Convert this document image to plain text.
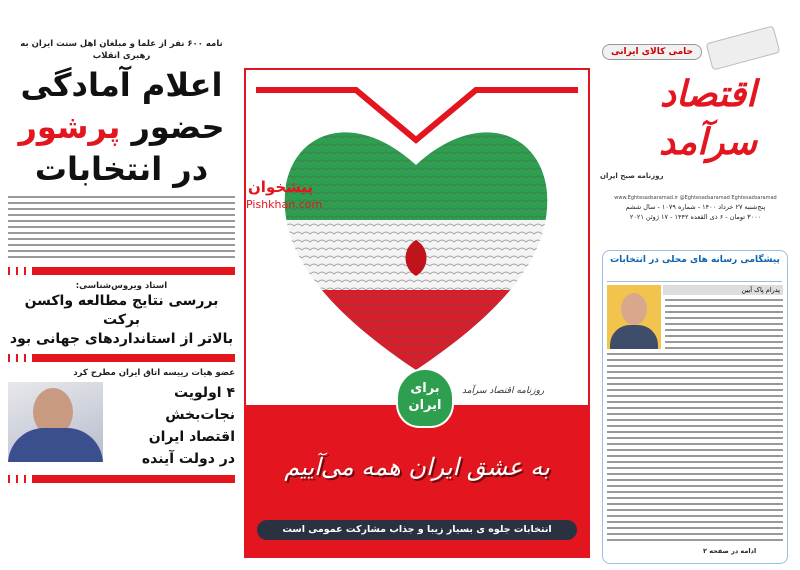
نامه ۶۰۰ نفر از علما و مبلغان اهل سنت ایران به رهبری انقلاب
اعلام آمادگی
حضور پرشور
در انتخابات
استاد ویروس‌شناسی:
بررسی نتایج مطالعه واکسن برکت
بالاتر از استانداردهای جهانی بود
عضو هیات رییسه اتاق ایران مطرح کرد
۴ اولویت نجات‌بخش
اقتصاد ایران
در دولت آینده
پیشخوان
Pishkhan.com
روزنامه اقتصاد سرآمد
برای
ایران
به عشق ایران همه می‌آییم
انتخابات جلوه ی بسیار زیبا و جذاب مشارکت عمومی است
حامی کالای ایرانی
اقتصاد سرآمد
روزنامه صبح ایران
www.Eghtesadsaramad.ir @Eghtesadsaramad Eghtesadsaramad
پنج‌شنبه ۲۷ خرداد ۱۴۰۰ - شماره ۱۰۷۹ - سال ششم
۳۰۰۰ تومان - ۶ ذی القعده ۱۴۴۲ - ۱۷ ژوئن ۲۰۲۱
پیشگامی رسانه های محلی در انتخابات
پدرام پاک آیین
ادامه در صفحه ۲
